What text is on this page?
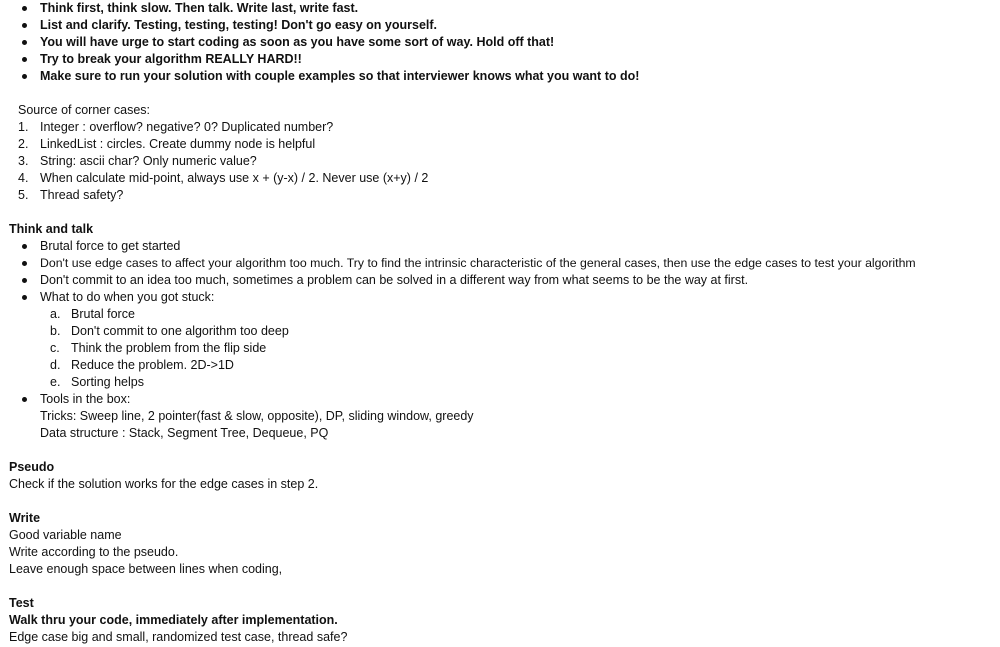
Think first, think slow. Then talk. Write last, write fast.
List and clarify. Testing, testing, testing! Don't go easy on yourself.
You will have urge to start coding as soon as you have some sort of way. Hold off that!
Try to break your algorithm REALLY HARD!!
Make sure to run your solution with couple examples so that interviewer knows what you want to do!
Source of corner cases:
1. Integer : overflow? negative? 0? Duplicated number?
2. LinkedList : circles. Create dummy node is helpful
3. String: ascii char? Only numeric value?
4. When calculate mid-point, always use x + (y-x) / 2. Never use (x+y) / 2
5. Thread safety?
Think and talk
Brutal force to get started
Don't use edge cases to affect your algorithm too much. Try to find the intrinsic characteristic of the general cases, then use the edge cases to test your algorithm
Don't commit to an idea too much, sometimes a problem can be solved in a different way from what seems to be the way at first.
What to do when you got stuck:
a. Brutal force
b. Don't commit to one algorithm too deep
c. Think the problem from the flip side
d. Reduce the problem. 2D->1D
e. Sorting helps
Tools in the box:
Tricks: Sweep line, 2 pointer(fast & slow, opposite), DP, sliding window, greedy
Data structure : Stack, Segment Tree, Dequeue, PQ
Pseudo
Check if the solution works for the edge cases in step 2.
Write
Good variable name
Write according to the pseudo.
Leave enough space between lines when coding,
Test
Walk thru your code, immediately after implementation.
Edge case big and small, randomized test case, thread safe?
